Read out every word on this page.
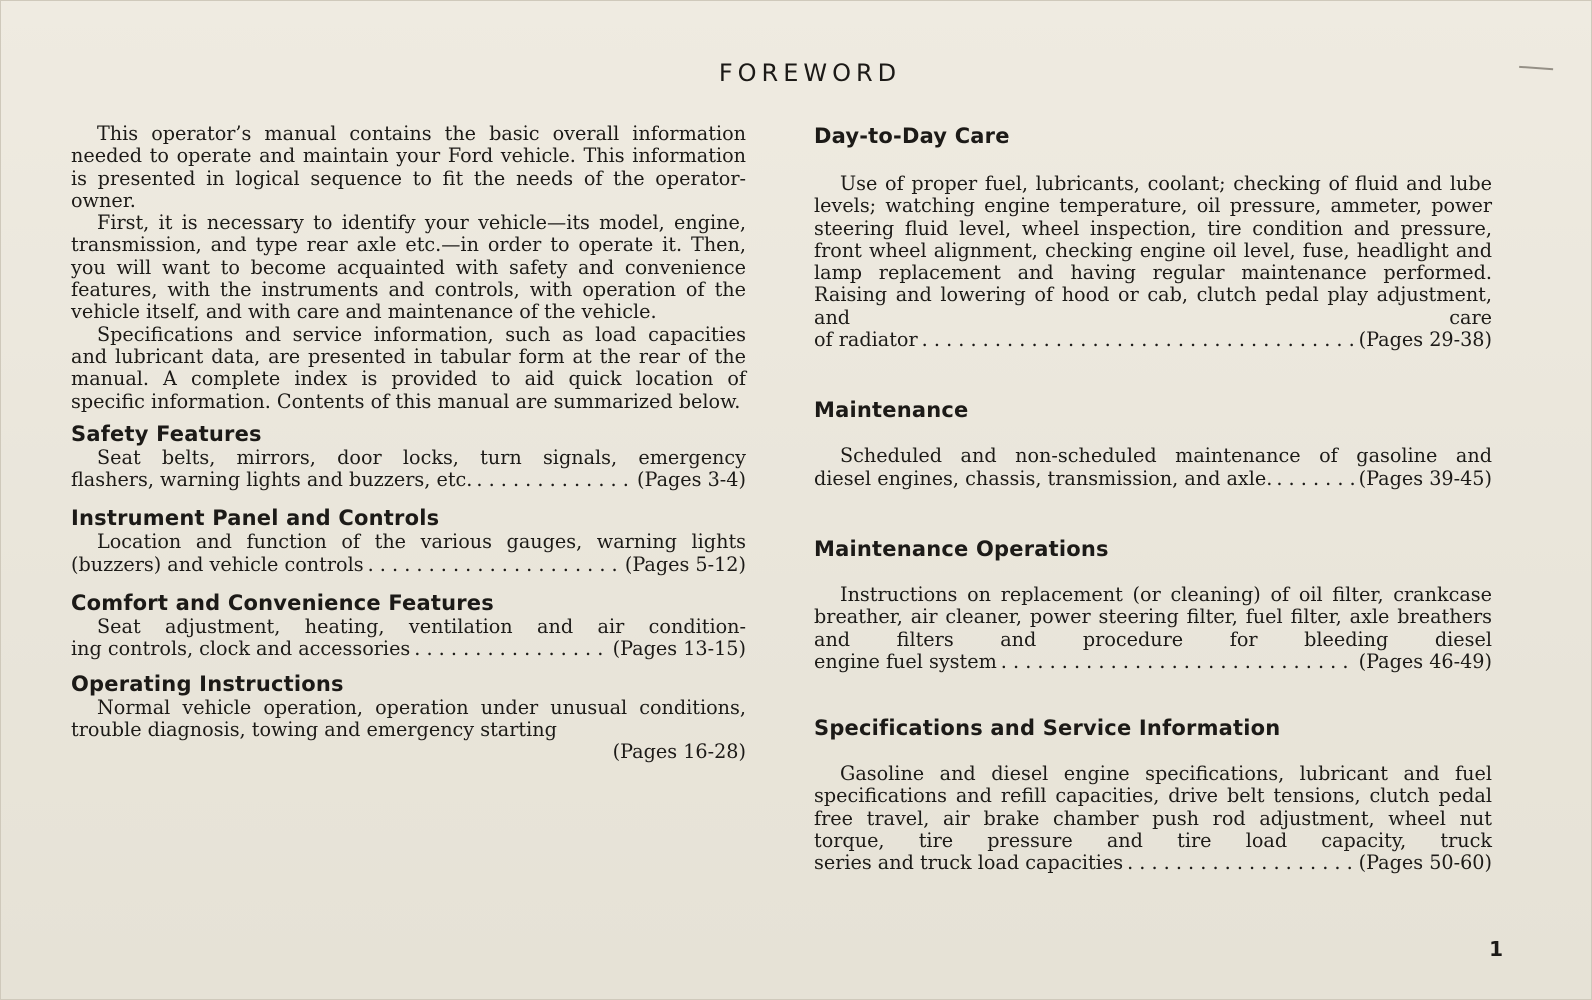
FOREWORD

This operator’s manual contains the basic overall information needed to operate and maintain your Ford vehicle. This information is presented in logical sequence to fit the needs of the operator-owner.

First, it is necessary to identify your vehicle—its model, engine, transmission, and type rear axle etc.—in order to operate it. Then, you will want to become acquainted with safety and convenience features, with the instruments and controls, with operation of the vehicle itself, and with care and maintenance of the vehicle.

Specifications and service information, such as load capacities and lubricant data, are presented in tabular form at the rear of the manual. A complete index is provided to aid quick location of specific information. Contents of this manual are summarized below.

Safety Features
Seat belts, mirrors, door locks, turn signals, emergency
flashers, warning lights and buzzers, etc. . . .	(Pages 3-4)
Instrument Panel and Controls
Location and function of the various gauges, warning lights
(buzzers) and vehicle controls . . .	(Pages 5-12)
Comfort and Convenience Features
Seat adjustment, heating, ventilation and air condition-
ing controls, clock and accessories . . .	(Pages 13-15)
Operating Instructions
Normal vehicle operation, operation under unusual conditions, trouble diagnosis, towing and emergency starting
(Pages 16-28)
Day-to-Day Care
Use of proper fuel, lubricants, coolant; checking of fluid and lube levels; watching engine temperature, oil pressure, ammeter, power steering fluid level, wheel inspection, tire condition and pressure, front wheel alignment, checking engine oil level, fuse, headlight and lamp replacement and having regular maintenance performed. Raising and lowering of hood or cab, clutch pedal play adjustment, and care
of radiator . . .	(Pages 29-38)
Maintenance
Scheduled and non-scheduled maintenance of gasoline and
diesel engines, chassis, transmission, and axle. . . .	(Pages 39-45)
Maintenance Operations
Instructions on replacement (or cleaning) of oil filter, crankcase breather, air cleaner, power steering filter, fuel filter, axle breathers and filters and procedure for bleeding diesel
engine fuel system . . .	(Pages 46-49)
Specifications and Service Information
Gasoline and diesel engine specifications, lubricant and fuel specifications and refill capacities, drive belt tensions, clutch pedal free travel, air brake chamber push rod adjustment, wheel nut torque, tire pressure and tire load capacity, truck
series and truck load capacities . . .	(Pages 50-60)
1
